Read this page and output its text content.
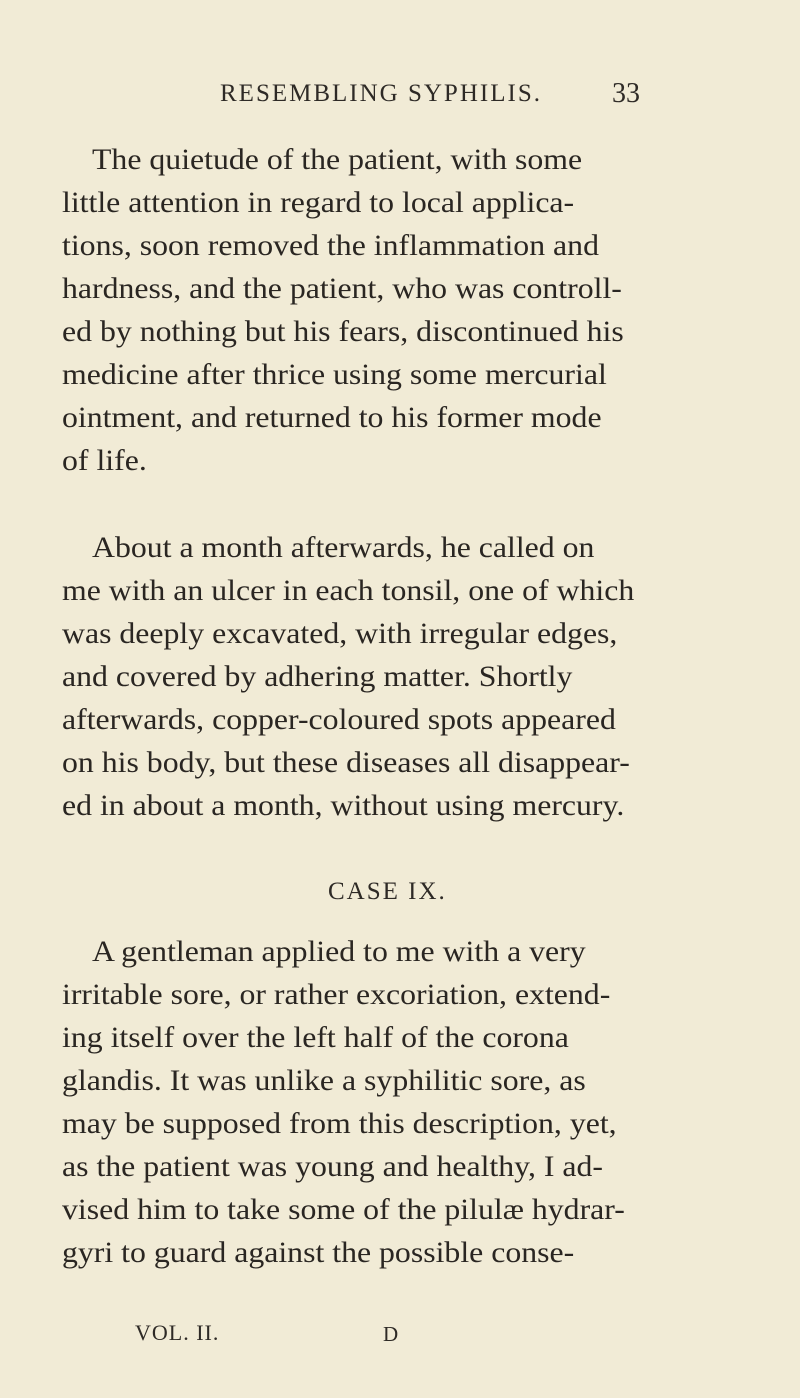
RESEMBLING SYPHILIS.	33
The quietude of the patient, with some
little attention in regard to local applica-
tions, soon removed the inflammation and
hardness, and the patient, who was controll-
ed by nothing but his fears, discontinued his
medicine after thrice using some mercurial
ointment, and returned to his former mode
of life.
About a month afterwards, he called on
me with an ulcer in each tonsil, one of which
was deeply excavated, with irregular edges,
and covered by adhering matter. Shortly
afterwards, copper-coloured spots appeared
on his body, but these diseases all disappear-
ed in about a month, without using mercury.
CASE IX.
A gentleman applied to me with a very
irritable sore, or rather excoriation, extend-
ing itself over the left half of the corona
glandis. It was unlike a syphilitic sore, as
may be supposed from this description, yet,
as the patient was young and healthy, I ad-
vised him to take some of the pilulæ hydrar-
gyri to guard against the possible conse-
VOL. II.	D
